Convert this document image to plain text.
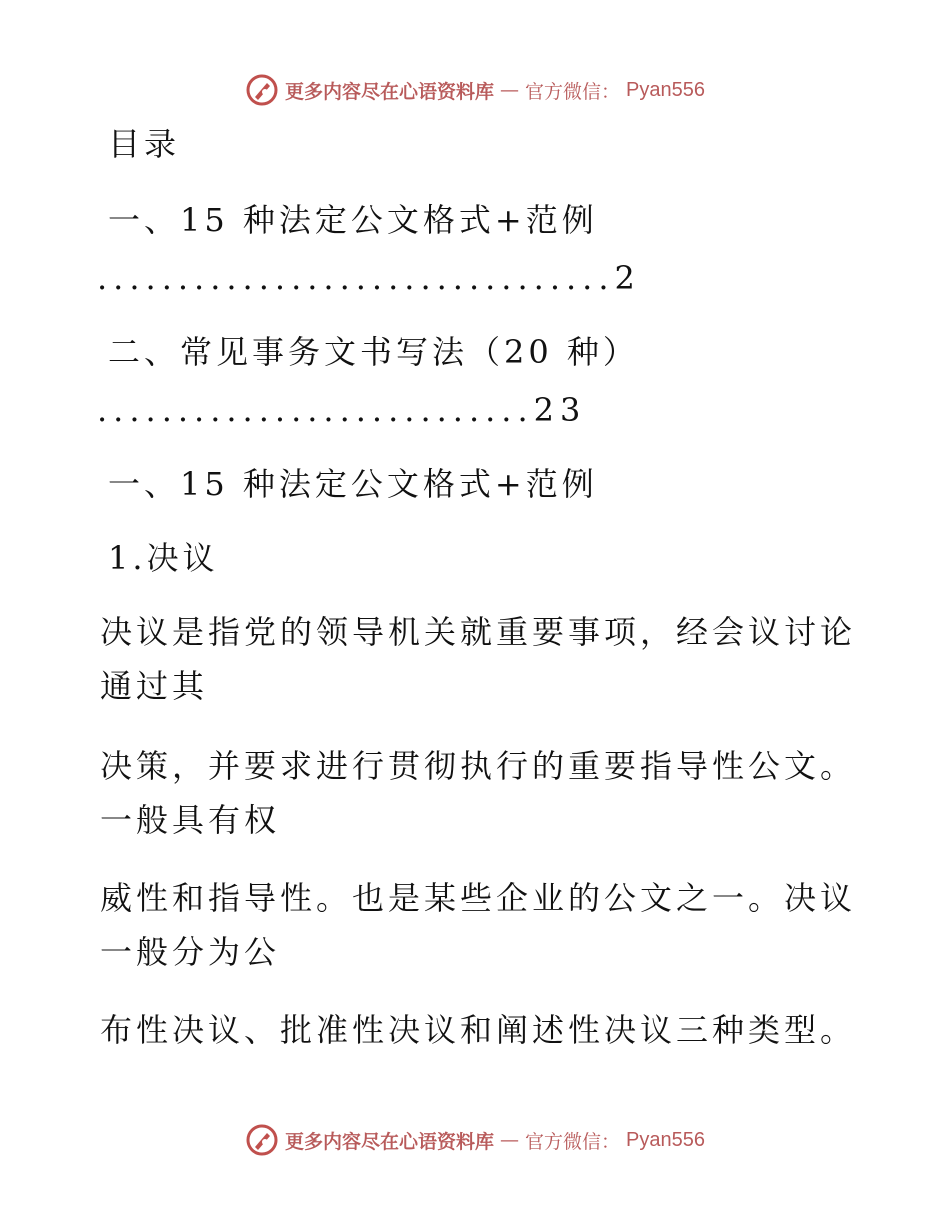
更多内容尽在心语资料库 — 官方微信： Pyan556
目录
一、15 种法定公文格式+范例
................................2
二、常见事务文书写法（20 种）
...........................23
一、15 种法定公文格式+范例
1.决议
决议是指党的领导机关就重要事项，经会议讨论
通过其
决策，并要求进行贯彻执行的重要指导性公文。
一般具有权
威性和指导性。也是某些企业的公文之一。决议
一般分为公
布性决议、批准性决议和阐述性决议三种类型。
更多内容尽在心语资料库 — 官方微信： Pyan556
